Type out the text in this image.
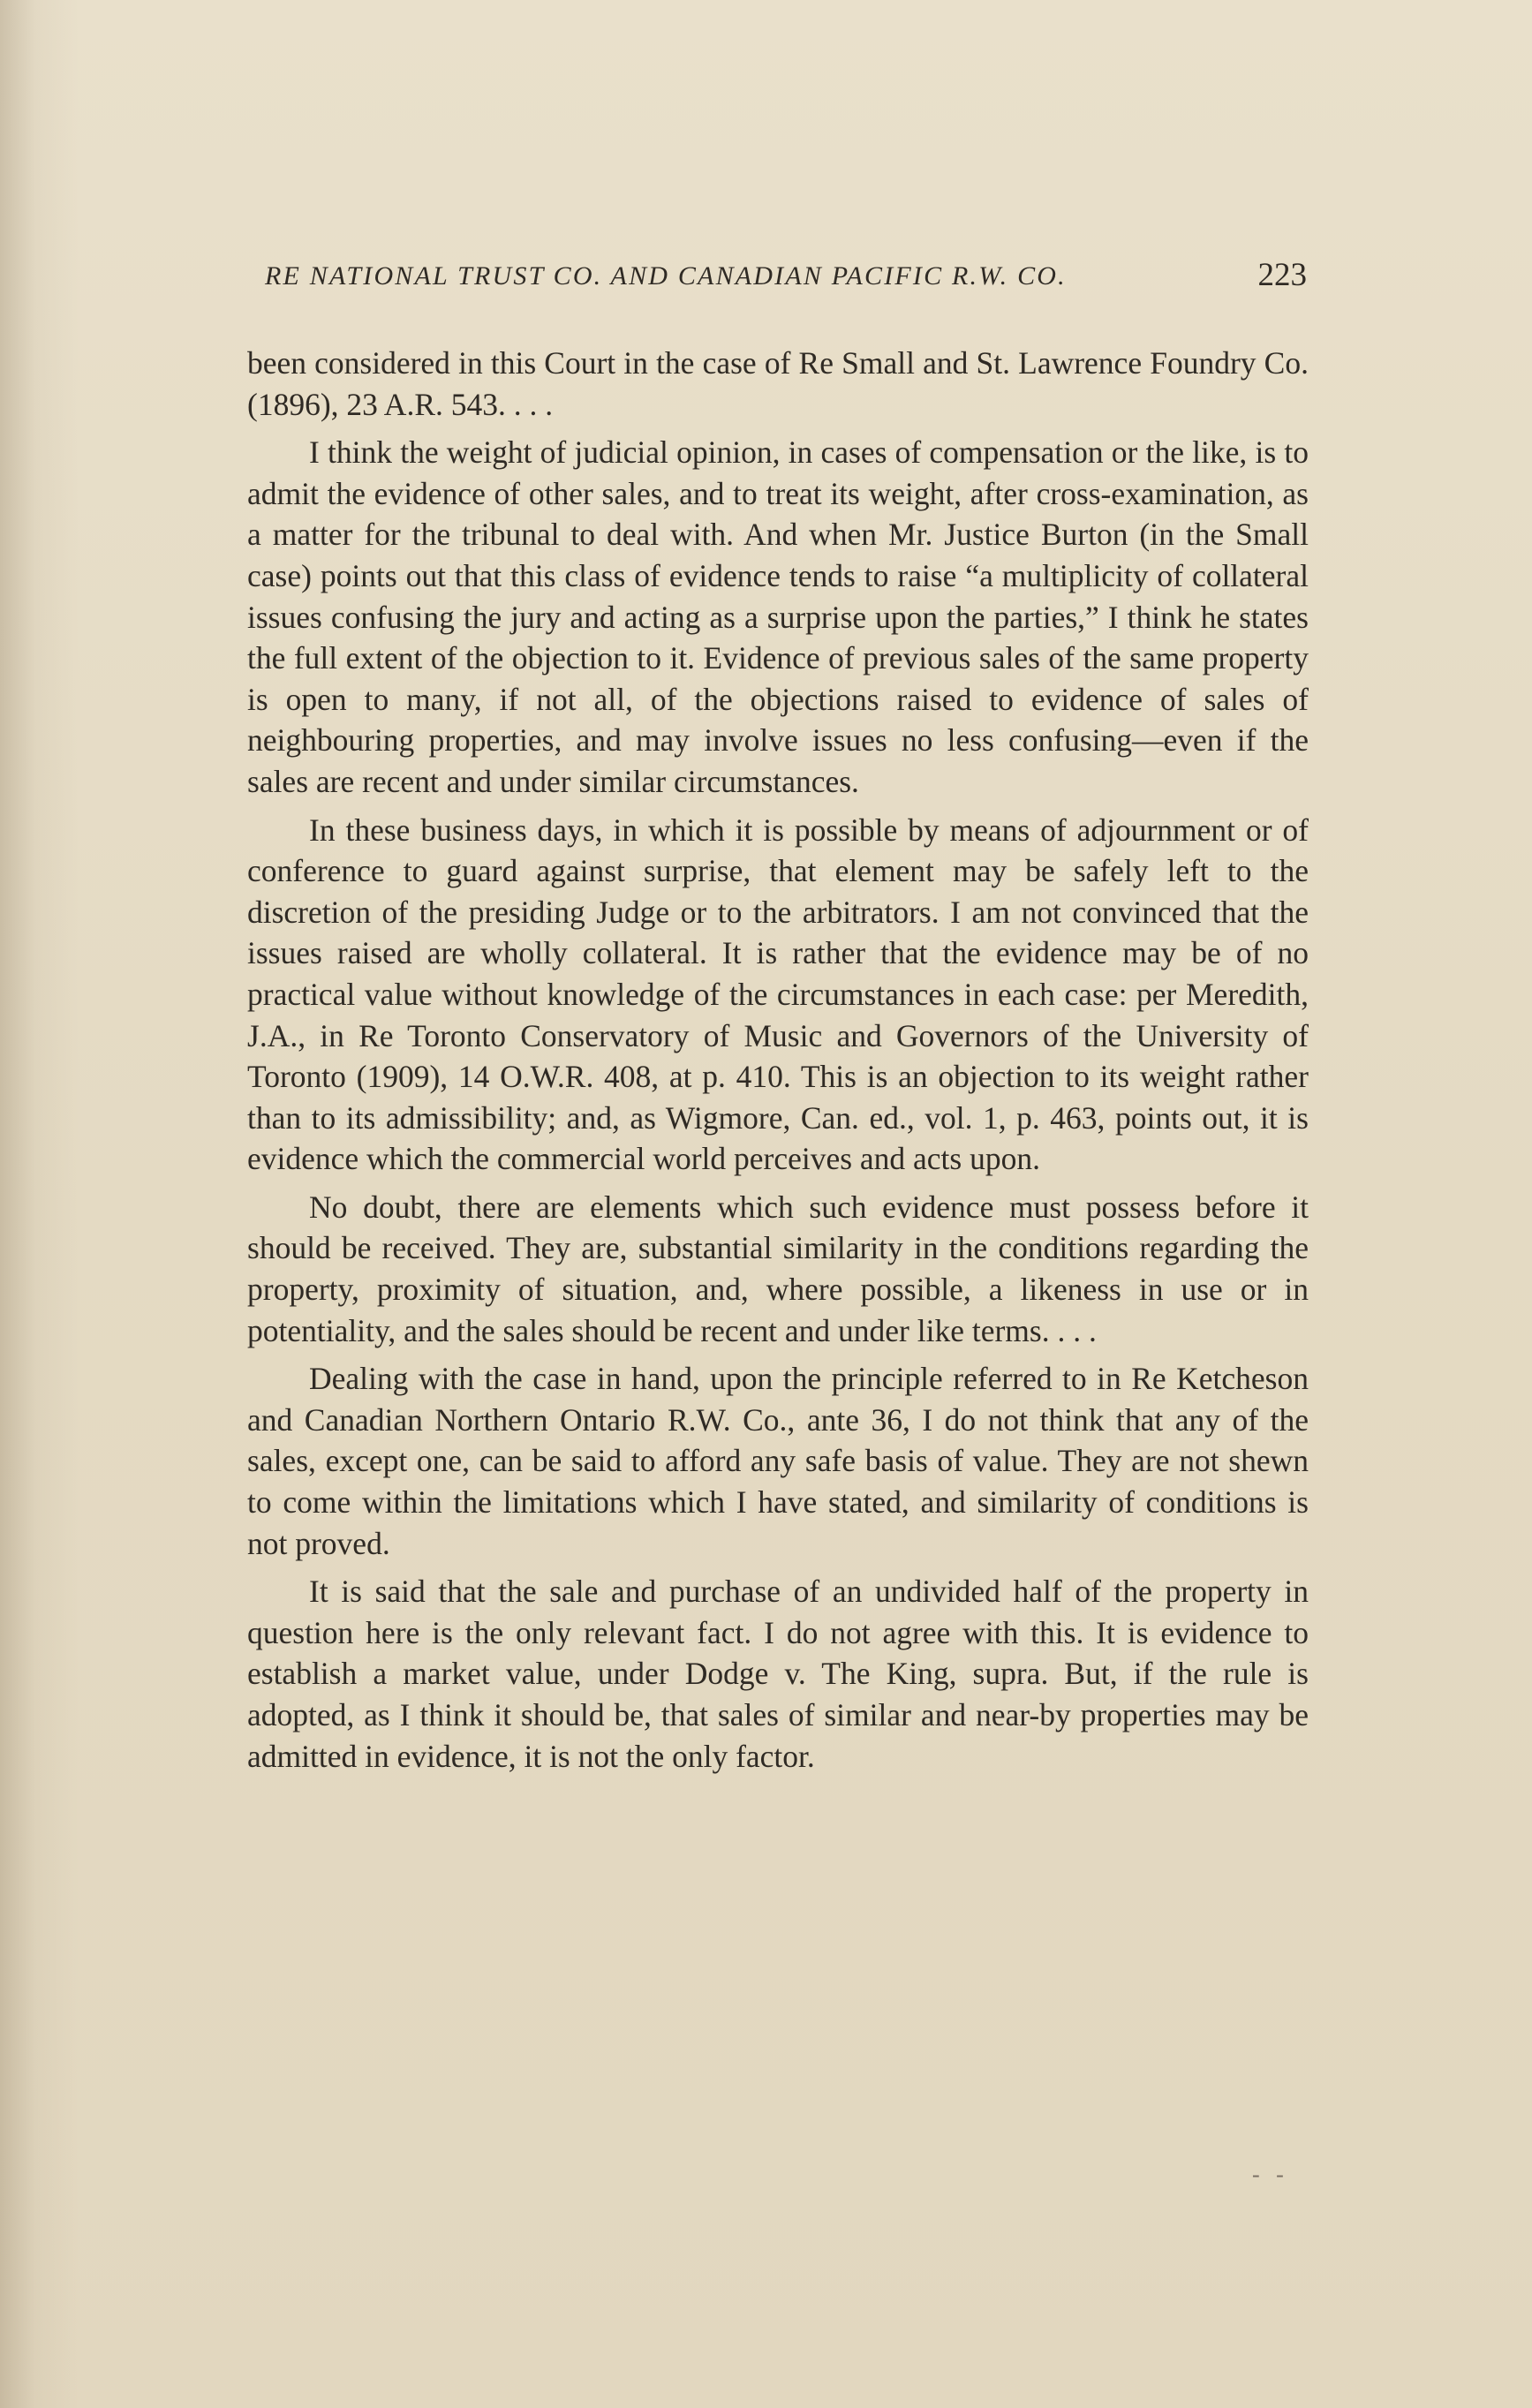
RE NATIONAL TRUST CO. AND CANADIAN PACIFIC R.W. CO.	223

been considered in this Court in the case of Re Small and St. Lawrence Foundry Co. (1896), 23 A.R. 543. . . .

I think the weight of judicial opinion, in cases of compensation or the like, is to admit the evidence of other sales, and to treat its weight, after cross-examination, as a matter for the tribunal to deal with. And when Mr. Justice Burton (in the Small case) points out that this class of evidence tends to raise “a multiplicity of collateral issues confusing the jury and acting as a surprise upon the parties,” I think he states the full extent of the objection to it. Evidence of previous sales of the same property is open to many, if not all, of the objections raised to evidence of sales of neighbouring properties, and may involve issues no less confusing—even if the sales are recent and under similar circumstances.

In these business days, in which it is possible by means of adjournment or of conference to guard against surprise, that element may be safely left to the discretion of the presiding Judge or to the arbitrators. I am not convinced that the issues raised are wholly collateral. It is rather that the evidence may be of no practical value without knowledge of the circumstances in each case: per Meredith, J.A., in Re Toronto Conservatory of Music and Governors of the University of Toronto (1909), 14 O.W.R. 408, at p. 410. This is an objection to its weight rather than to its admissibility; and, as Wigmore, Can. ed., vol. 1, p. 463, points out, it is evidence which the commercial world perceives and acts upon.

No doubt, there are elements which such evidence must possess before it should be received. They are, substantial similarity in the conditions regarding the property, proximity of situation, and, where possible, a likeness in use or in potentiality, and the sales should be recent and under like terms. . . .

Dealing with the case in hand, upon the principle referred to in Re Ketcheson and Canadian Northern Ontario R.W. Co., ante 36, I do not think that any of the sales, except one, can be said to afford any safe basis of value. They are not shewn to come within the limitations which I have stated, and similarity of conditions is not proved.

It is said that the sale and purchase of an undivided half of the property in question here is the only relevant fact. I do not agree with this. It is evidence to establish a market value, under Dodge v. The King, supra. But, if the rule is adopted, as I think it should be, that sales of similar and near-by properties may be admitted in evidence, it is not the only factor.

- -
